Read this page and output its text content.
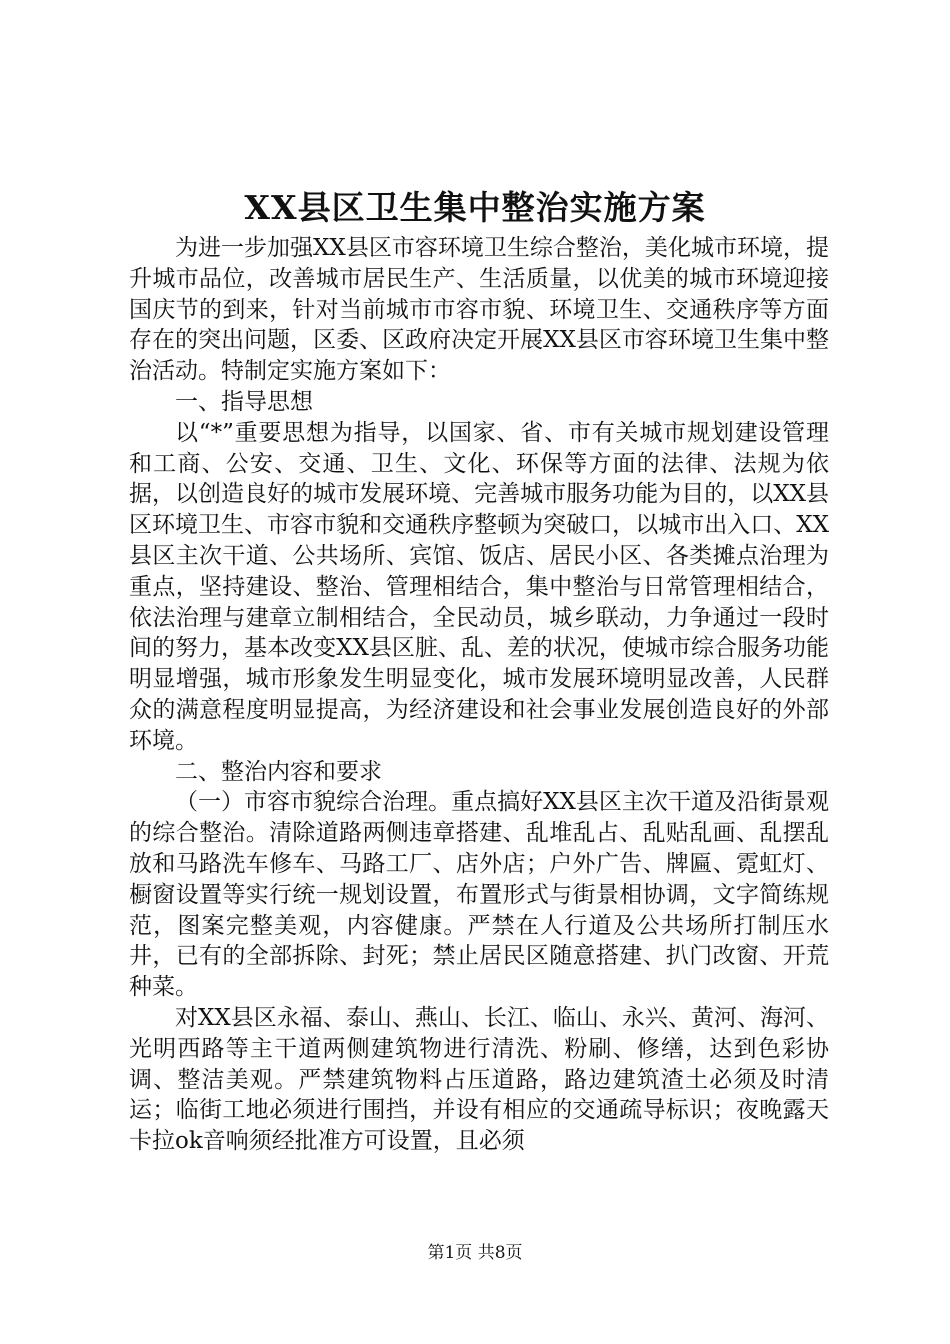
XX县区卫生集中整治实施方案

为进一步加强XX县区市容环境卫生综合整治，美化城市环境，提升城市品位，改善城市居民生产、生活质量，以优美的城市环境迎接国庆节的到来，针对当前城市市容市貌、环境卫生、交通秩序等方面存在的突出问题，区委、区政府决定开展XX县区市容环境卫生集中整治活动。特制定实施方案如下：

一、指导思想

以“*”重要思想为指导，以国家、省、市有关城市规划建设管理和工商、公安、交通、卫生、文化、环保等方面的法律、法规为依据，以创造良好的城市发展环境、完善城市服务功能为目的，以XX县区环境卫生、市容市貌和交通秩序整顿为突破口，以城市出入口、XX县区主次干道、公共场所、宾馆、饭店、居民小区、各类摊点治理为重点，坚持建设、整治、管理相结合，集中整治与日常管理相结合，依法治理与建章立制相结合，全民动员，城乡联动，力争通过一段时间的努力，基本改变XX县区脏、乱、差的状况，使城市综合服务功能明显增强，城市形象发生明显变化，城市发展环境明显改善，人民群众的满意程度明显提高，为经济建设和社会事业发展创造良好的外部环境。

二、整治内容和要求

（一）市容市貌综合治理。重点搞好XX县区主次干道及沿街景观的综合整治。清除道路两侧违章搭建、乱堆乱占、乱贴乱画、乱摆乱放和马路洗车修车、马路工厂、店外店；户外广告、牌匾、霓虹灯、橱窗设置等实行统一规划设置，布置形式与街景相协调，文字简练规范，图案完整美观，内容健康。严禁在人行道及公共场所打制压水井，已有的全部拆除、封死；禁止居民区随意搭建、扒门改窗、开荒种菜。

对XX县区永福、泰山、燕山、长江、临山、永兴、黄河、海河、光明西路等主干道两侧建筑物进行清洗、粉刷、修缮，达到色彩协调、整洁美观。严禁建筑物料占压道路，路边建筑渣土必须及时清运；临街工地必须进行围挡，并设有相应的交通疏导标识；夜晚露天卡拉ok音响须经批准方可设置，且必须

第1页 共8页
